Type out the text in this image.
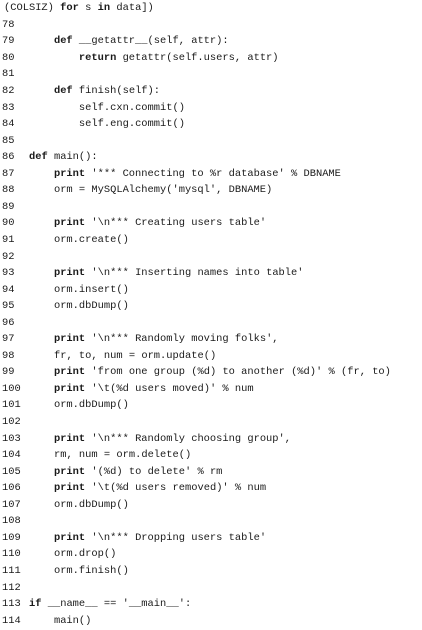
(COLSIZ) for s in data])
78
79	def __getattr__(self, attr):
80	return getattr(self.users, attr)
81
82	def finish(self):
83	self.cxn.commit()
84	self.eng.commit()
85
86	def main():
87	print '*** Connecting to %r database' % DBNAME
88	orm = MySQLAlchemy('mysql', DBNAME)
89
90	print '\n*** Creating users table'
91	orm.create()
92
93	print '\n*** Inserting names into table'
94	orm.insert()
95	orm.dbDump()
96
97	print '\n*** Randomly moving folks',
98	fr, to, num = orm.update()
99	print 'from one group (%d) to another (%d)' % (fr, to)
100	print '\t(%d users moved)' % num
101	orm.dbDump()
102
103	print '\n*** Randomly choosing group',
104	rm, num = orm.delete()
105	print '(%d) to delete' % rm
106	print '\t(%d users removed)' % num
107	orm.dbDump()
108
109	print '\n*** Dropping users table'
110	orm.drop()
111	orm.finish()
112
113 if __name__ == '__main__':
114	main()
